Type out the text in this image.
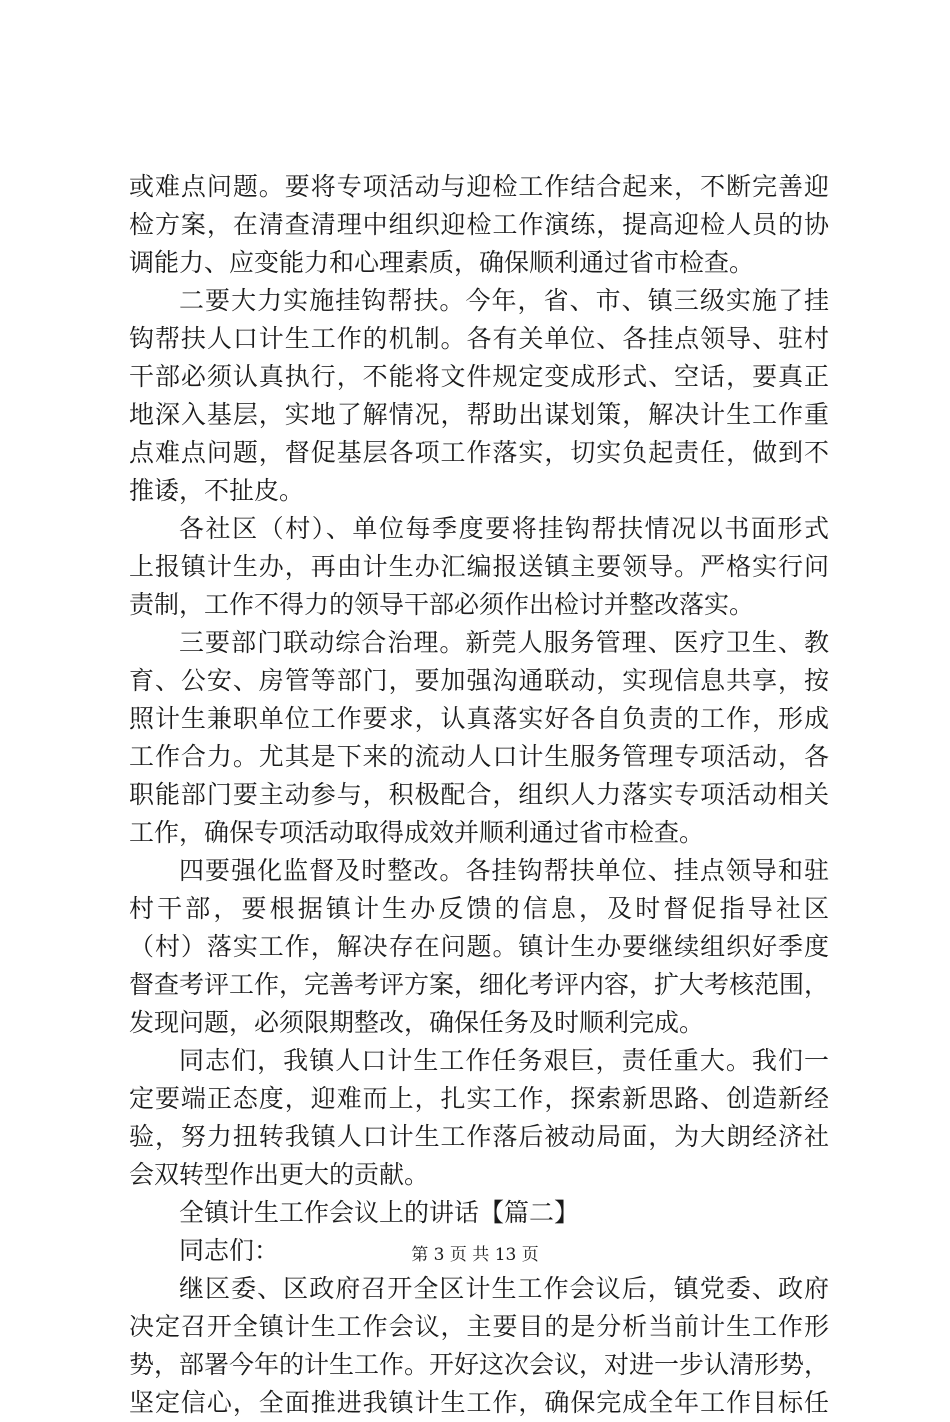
或难点问题。要将专项活动与迎检工作结合起来，不断完善迎
检方案，在清查清理中组织迎检工作演练，提高迎检人员的协
调能力、应变能力和心理素质，确保顺利通过省市检查。
二要大力实施挂钩帮扶。今年，省、市、镇三级实施了挂
钩帮扶人口计生工作的机制。各有关单位、各挂点领导、驻村
干部必须认真执行，不能将文件规定变成形式、空话，要真正
地深入基层，实地了解情况，帮助出谋划策，解决计生工作重
点难点问题，督促基层各项工作落实，切实负起责任，做到不
推诿，不扯皮。
各社区（村）、单位每季度要将挂钩帮扶情况以书面形式
上报镇计生办，再由计生办汇编报送镇主要领导。严格实行问
责制，工作不得力的领导干部必须作出检讨并整改落实。
三要部门联动综合治理。新莞人服务管理、医疗卫生、教
育、公安、房管等部门，要加强沟通联动，实现信息共享，按
照计生兼职单位工作要求，认真落实好各自负责的工作，形成
工作合力。尤其是下来的流动人口计生服务管理专项活动，各
职能部门要主动参与，积极配合，组织人力落实专项活动相关
工作，确保专项活动取得成效并顺利通过省市检查。
四要强化监督及时整改。各挂钩帮扶单位、挂点领导和驻
村干部，要根据镇计生办反馈的信息，及时督促指导社区
（村）落实工作，解决存在问题。镇计生办要继续组织好季度
督查考评工作，完善考评方案，细化考评内容，扩大考核范围，
发现问题，必须限期整改，确保任务及时顺利完成。
同志们，我镇人口计生工作任务艰巨，责任重大。我们一
定要端正态度，迎难而上，扎实工作，探索新思路、创造新经
验，努力扭转我镇人口计生工作落后被动局面，为大朗经济社
会双转型作出更大的贡献。
全镇计生工作会议上的讲话【篇二】
同志们：
继区委、区政府召开全区计生工作会议后，镇党委、政府
决定召开全镇计生工作会议，主要目的是分析当前计生工作形
势，部署今年的计生工作。开好这次会议，对进一步认清形势，
坚定信心，全面推进我镇计生工作，确保完成全年工作目标任
第 3 页 共 13 页
